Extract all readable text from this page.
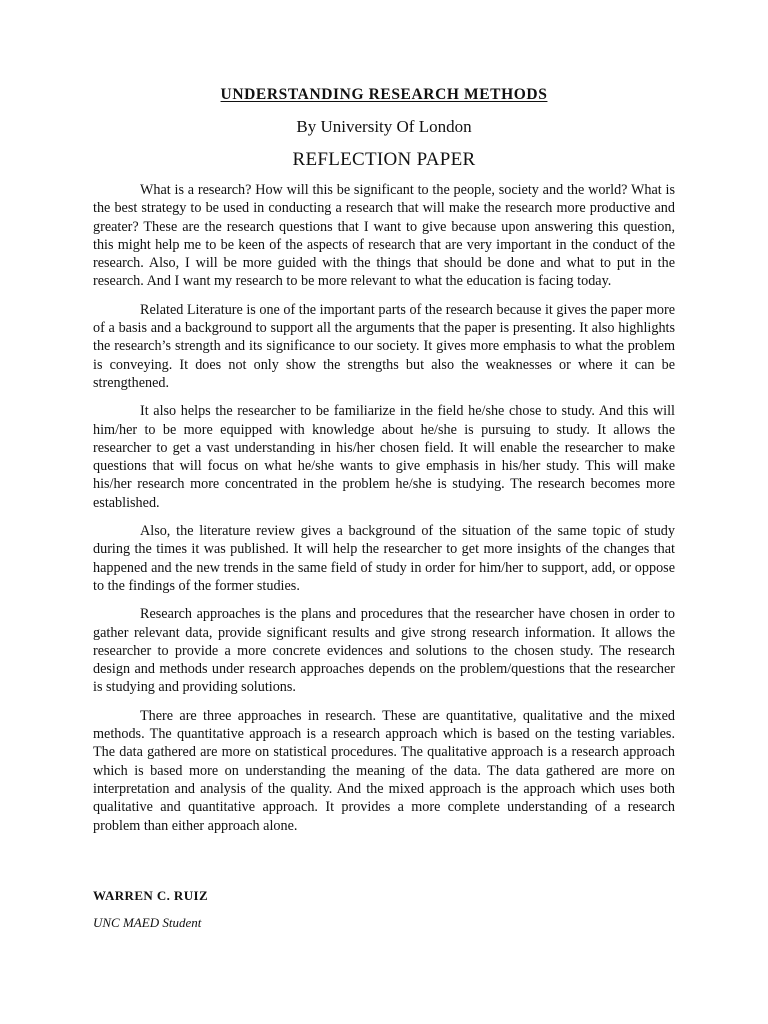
UNDERSTANDING RESEARCH METHODS
By University Of London
REFLECTION PAPER

What is a research? How will this be significant to the people, society and the world? What is the best strategy to be used in conducting a research that will make the research more productive and greater? These are the research questions that I want to give because upon answering this question, this might help me to be keen of the aspects of research that are very important in the conduct of the research. Also, I will be more guided with the things that should be done and what to put in the research. And I want my research to be more relevant to what the education is facing today.

Related Literature is one of the important parts of the research because it gives the paper more of a basis and a background to support all the arguments that the paper is presenting. It also highlights the research’s strength and its significance to our society. It gives more emphasis to what the problem is conveying. It does not only show the strengths but also the weaknesses or where it can be strengthened.

It also helps the researcher to be familiarize in the field he/she chose to study. And this will him/her to be more equipped with knowledge about he/she is pursuing to study. It allows the researcher to get a vast understanding in his/her chosen field. It will enable the researcher to make questions that will focus on what he/she wants to give emphasis in his/her study. This will make his/her research more concentrated in the problem he/she is studying. The research becomes more established.

Also, the literature review gives a background of the situation of the same topic of study during the times it was published. It will help the researcher to get more insights of the changes that happened and the new trends in the same field of study in order for him/her to support, add, or oppose to the findings of the former studies.

Research approaches is the plans and procedures that the researcher have chosen in order to gather relevant data, provide significant results and give strong research information. It allows the researcher to provide a more concrete evidences and solutions to the chosen study. The research design and methods under research approaches depends on the problem/questions that the researcher is studying and providing solutions.

There are three approaches in research. These are quantitative, qualitative and the mixed methods. The quantitative approach is a research approach which is based on the testing variables. The data gathered are more on statistical procedures. The qualitative approach is a research approach which is based more on understanding the meaning of the data. The data gathered are more on interpretation and analysis of the quality. And the mixed approach is the approach which uses both qualitative and quantitative approach. It provides a more complete understanding of a research problem than either approach alone.

WARREN C. RUIZ
UNC MAED Student
